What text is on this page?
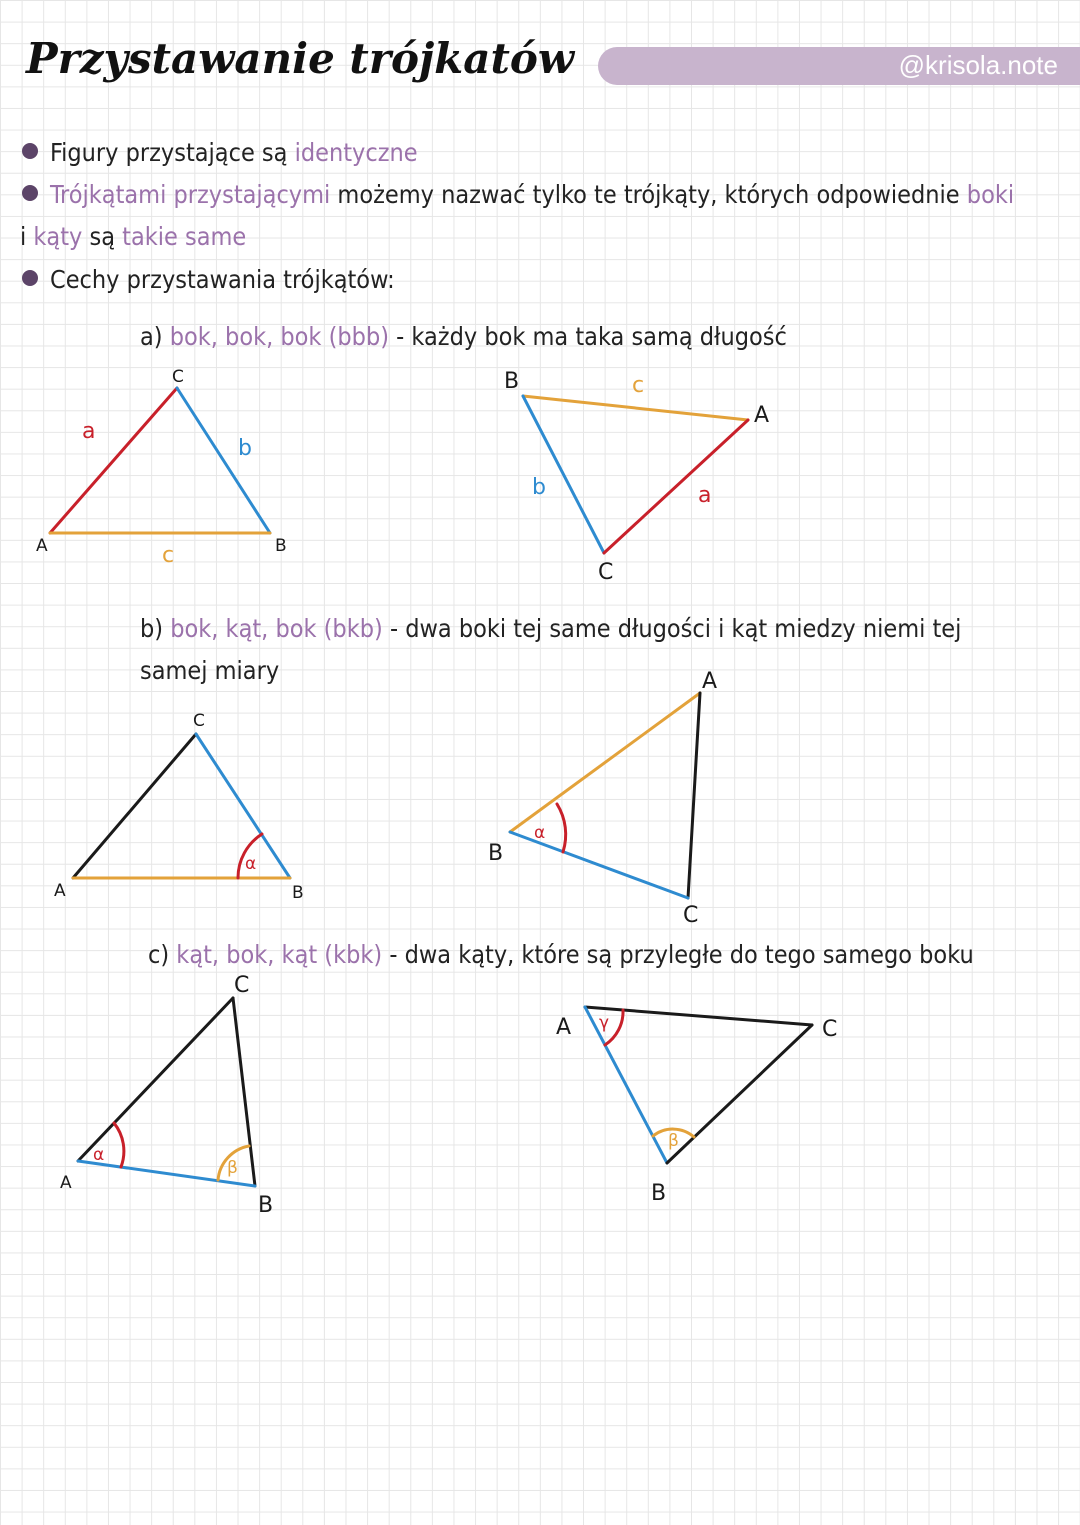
Przystawanie trójkatów	@krisola.note
Figury przystające są identyczne
Trójkątami przystającymi możemy nazwać tylko te trójkąty, których odpowiednie boki
i kąty są takie same
Cechy przystawania trójkątów:
a) bok, bok, bok (bbb) - każdy bok ma taka samą długość
b) bok, kąt, bok (bkb) - dwa boki tej same długości i kąt miedzy niemi tej
samej miary
c) kąt, bok, kąt (kbk) - dwa kąty, które są przyległe do tego samego boku
A	B
C
a
b
c
A
B
C
a
b
c
A	B
C
α
A
B
C
α
A
B
C
α
β
A
B
C
γ
β
